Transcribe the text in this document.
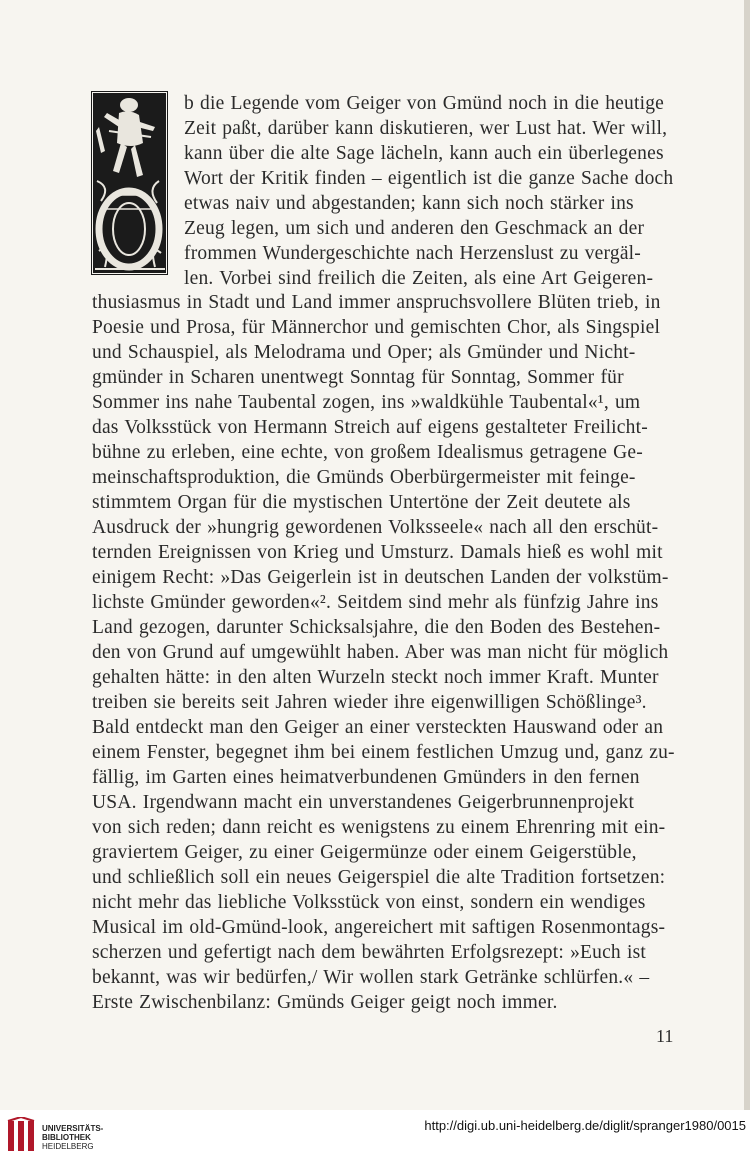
b die Legende vom Geiger von Gmünd noch in die heutige
Zeit paßt, darüber kann diskutieren, wer Lust hat. Wer will,
kann über die alte Sage lächeln, kann auch ein überlegenes
Wort der Kritik finden – eigentlich ist die ganze Sache doch
etwas naiv und abgestanden; kann sich noch stärker ins
Zeug legen, um sich und anderen den Geschmack an der
frommen Wundergeschichte nach Herzenslust zu vergäl-
len. Vorbei sind freilich die Zeiten, als eine Art Geigeren-
thusiasmus in Stadt und Land immer anspruchsvollere Blüten trieb, in
Poesie und Prosa, für Männerchor und gemischten Chor, als Singspiel
und Schauspiel, als Melodrama und Oper; als Gmünder und Nicht-
gmünder in Scharen unentwegt Sonntag für Sonntag, Sommer für
Sommer ins nahe Taubental zogen, ins »waldkühle Taubental«¹, um
das Volksstück von Hermann Streich auf eigens gestalteter Freilicht-
bühne zu erleben, eine echte, von großem Idealismus getragene Ge-
meinschaftsproduktion, die Gmünds Oberbürgermeister mit feinge-
stimmtem Organ für die mystischen Untertöne der Zeit deutete als
Ausdruck der »hungrig gewordenen Volksseele« nach all den erschüt-
ternden Ereignissen von Krieg und Umsturz. Damals hieß es wohl mit
einigem Recht: »Das Geigerlein ist in deutschen Landen der volkstüm-
lichste Gmünder geworden«². Seitdem sind mehr als fünfzig Jahre ins
Land gezogen, darunter Schicksalsjahre, die den Boden des Bestehen-
den von Grund auf umgewühlt haben. Aber was man nicht für möglich
gehalten hätte: in den alten Wurzeln steckt noch immer Kraft. Munter
treiben sie bereits seit Jahren wieder ihre eigenwilligen Schößlinge³.
Bald entdeckt man den Geiger an einer versteckten Hauswand oder an
einem Fenster, begegnet ihm bei einem festlichen Umzug und, ganz zu-
fällig, im Garten eines heimatverbundenen Gmünders in den fernen
USA. Irgendwann macht ein unverstandenes Geigerbrunnenprojekt
von sich reden; dann reicht es wenigstens zu einem Ehrenring mit ein-
graviertem Geiger, zu einer Geigermünze oder einem Geigerstüble,
und schließlich soll ein neues Geigerspiel die alte Tradition fortsetzen:
nicht mehr das liebliche Volksstück von einst, sondern ein wendiges
Musical im old-Gmünd-look, angereichert mit saftigen Rosenmontags-
scherzen und gefertigt nach dem bewährten Erfolgsrezept: »Euch ist
bekannt, was wir bedürfen,/ Wir wollen stark Getränke schlürfen.« –
Erste Zwischenbilanz: Gmünds Geiger geigt noch immer.
11
UNIVERSITÄTS-
BIBLIOTHEK
HEIDELBERG
http://digi.ub.uni-heidelberg.de/diglit/spranger1980/0015
